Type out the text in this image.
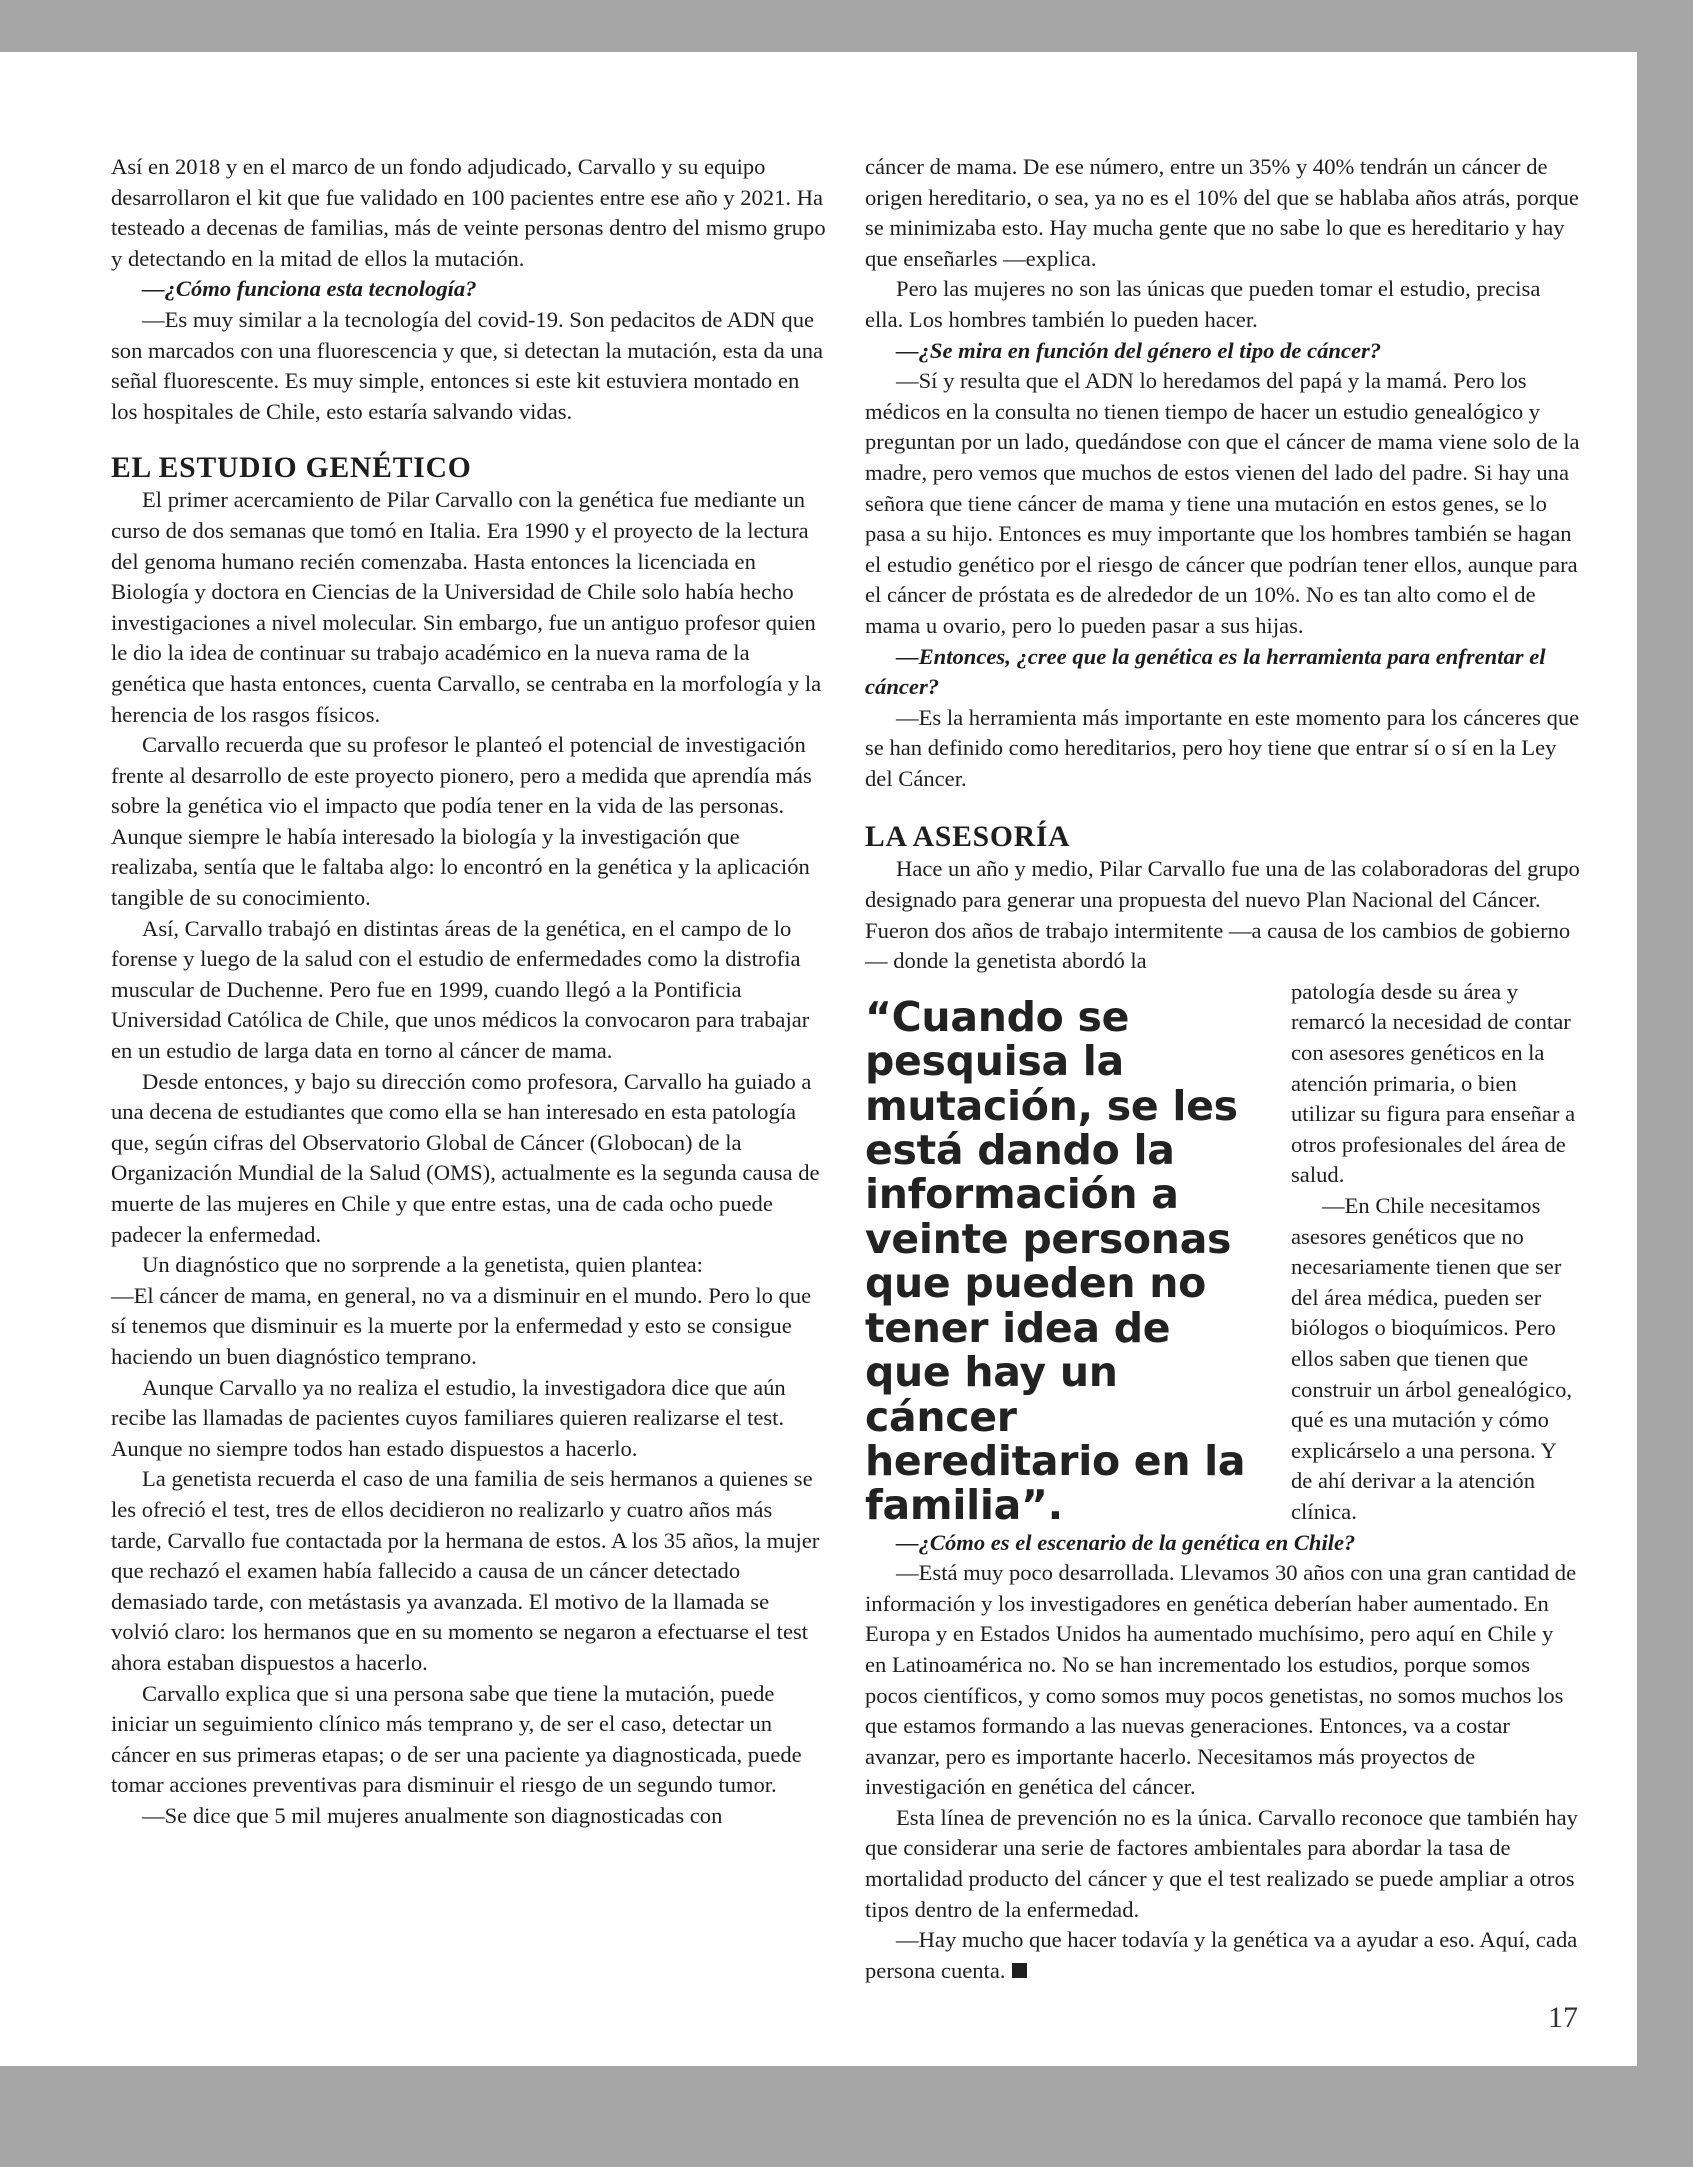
Así en 2018 y en el marco de un fondo adjudicado, Carvallo y su equipo desarrollaron el kit que fue validado en 100 pacientes entre ese año y 2021. Ha testeado a decenas de familias, más de veinte personas dentro del mismo grupo y detectando en la mitad de ellos la mutación.

—¿Cómo funciona esta tecnología?

—Es muy similar a la tecnología del covid-19. Son pedacitos de ADN que son marcados con una fluorescencia y que, si detectan la mutación, esta da una señal fluorescente. Es muy simple, entonces si este kit estuviera montado en los hospitales de Chile, esto estaría salvando vidas.

EL ESTUDIO GENÉTICO

El primer acercamiento de Pilar Carvallo con la genética fue mediante un curso de dos semanas que tomó en Italia. Era 1990 y el proyecto de la lectura del genoma humano recién comenzaba. Hasta entonces la licenciada en Biología y doctora en Ciencias de la Universidad de Chile solo había hecho investigaciones a nivel molecular. Sin embargo, fue un antiguo profesor quien le dio la idea de continuar su trabajo académico en la nueva rama de la genética que hasta entonces, cuenta Carvallo, se centraba en la morfología y la herencia de los rasgos físicos.

Carvallo recuerda que su profesor le planteó el potencial de investigación frente al desarrollo de este proyecto pionero, pero a medida que aprendía más sobre la genética vio el impacto que podía tener en la vida de las personas. Aunque siempre le había interesado la biología y la investigación que realizaba, sentía que le faltaba algo: lo encontró en la genética y la aplicación tangible de su conocimiento.

Así, Carvallo trabajó en distintas áreas de la genética, en el campo de lo forense y luego de la salud con el estudio de enfermedades como la distrofia muscular de Duchenne. Pero fue en 1999, cuando llegó a la Pontificia Universidad Católica de Chile, que unos médicos la convocaron para trabajar en un estudio de larga data en torno al cáncer de mama.

Desde entonces, y bajo su dirección como profesora, Carvallo ha guiado a una decena de estudiantes que como ella se han interesado en esta patología que, según cifras del Observatorio Global de Cáncer (Globocan) de la Organización Mundial de la Salud (OMS), actualmente es la segunda causa de muerte de las mujeres en Chile y que entre estas, una de cada ocho puede padecer la enfermedad.

Un diagnóstico que no sorprende a la genetista, quien plantea:

—El cáncer de mama, en general, no va a disminuir en el mundo. Pero lo que sí tenemos que disminuir es la muerte por la enfermedad y esto se consigue haciendo un buen diagnóstico temprano.

Aunque Carvallo ya no realiza el estudio, la investigadora dice que aún recibe las llamadas de pacientes cuyos familiares quieren realizarse el test. Aunque no siempre todos han estado dispuestos a hacerlo.

La genetista recuerda el caso de una familia de seis hermanos a quienes se les ofreció el test, tres de ellos decidieron no realizarlo y cuatro años más tarde, Carvallo fue contactada por la hermana de estos. A los 35 años, la mujer que rechazó el examen había fallecido a causa de un cáncer detectado demasiado tarde, con metástasis ya avanzada. El motivo de la llamada se volvió claro: los hermanos que en su momento se negaron a efectuarse el test ahora estaban dispuestos a hacerlo.

Carvallo explica que si una persona sabe que tiene la mutación, puede iniciar un seguimiento clínico más temprano y, de ser el caso, detectar un cáncer en sus primeras etapas; o de ser una paciente ya diagnosticada, puede tomar acciones preventivas para disminuir el riesgo de un segundo tumor.

—Se dice que 5 mil mujeres anualmente son diagnosticadas con

cáncer de mama. De ese número, entre un 35% y 40% tendrán un cáncer de origen hereditario, o sea, ya no es el 10% del que se hablaba años atrás, porque se minimizaba esto. Hay mucha gente que no sabe lo que es hereditario y hay que enseñarles —explica.

Pero las mujeres no son las únicas que pueden tomar el estudio, precisa ella. Los hombres también lo pueden hacer.

—¿Se mira en función del género el tipo de cáncer?

—Sí y resulta que el ADN lo heredamos del papá y la mamá. Pero los médicos en la consulta no tienen tiempo de hacer un estudio genealógico y preguntan por un lado, quedándose con que el cáncer de mama viene solo de la madre, pero vemos que muchos de estos vienen del lado del padre. Si hay una señora que tiene cáncer de mama y tiene una mutación en estos genes, se lo pasa a su hijo. Entonces es muy importante que los hombres también se hagan el estudio genético por el riesgo de cáncer que podrían tener ellos, aunque para el cáncer de próstata es de alrededor de un 10%. No es tan alto como el de mama u ovario, pero lo pueden pasar a sus hijas.

—Entonces, ¿cree que la genética es la herramienta para enfrentar el cáncer?

—Es la herramienta más importante en este momento para los cánceres que se han definido como hereditarios, pero hoy tiene que entrar sí o sí en la Ley del Cáncer.

LA ASESORÍA

Hace un año y medio, Pilar Carvallo fue una de las colaboradoras del grupo designado para generar una propuesta del nuevo Plan Nacional del Cáncer. Fueron dos años de trabajo intermitente —a causa de los cambios de gobierno— donde la genetista abordó la

“Cuando se pesquisa la mutación, se les está dando la información a veinte personas que pueden no tener idea de que hay un cáncer hereditario en la familia”.

patología desde su área y remarcó la necesidad de contar con asesores genéticos en la atención primaria, o bien utilizar su figura para enseñar a otros profesionales del área de salud.

—En Chile necesitamos asesores genéticos que no necesariamente tienen que ser del área médica, pueden ser biólogos o bioquímicos. Pero ellos saben que tienen que construir un árbol genealógico, qué es una mutación y cómo explicárselo a una persona. Y de ahí derivar a la atención clínica.

—¿Cómo es el escenario de la genética en Chile?

—Está muy poco desarrollada. Llevamos 30 años con una gran cantidad de información y los investigadores en genética deberían haber aumentado. En Europa y en Estados Unidos ha aumentado muchísimo, pero aquí en Chile y en Latinoamérica no. No se han incrementado los estudios, porque somos pocos científicos, y como somos muy pocos genetistas, no somos muchos los que estamos formando a las nuevas generaciones. Entonces, va a costar avanzar, pero es importante hacerlo. Necesitamos más proyectos de investigación en genética del cáncer.

Esta línea de prevención no es la única. Carvallo reconoce que también hay que considerar una serie de factores ambientales para abordar la tasa de mortalidad producto del cáncer y que el test realizado se puede ampliar a otros tipos dentro de la enfermedad.

—Hay mucho que hacer todavía y la genética va a ayudar a eso. Aquí, cada persona cuenta.

17
